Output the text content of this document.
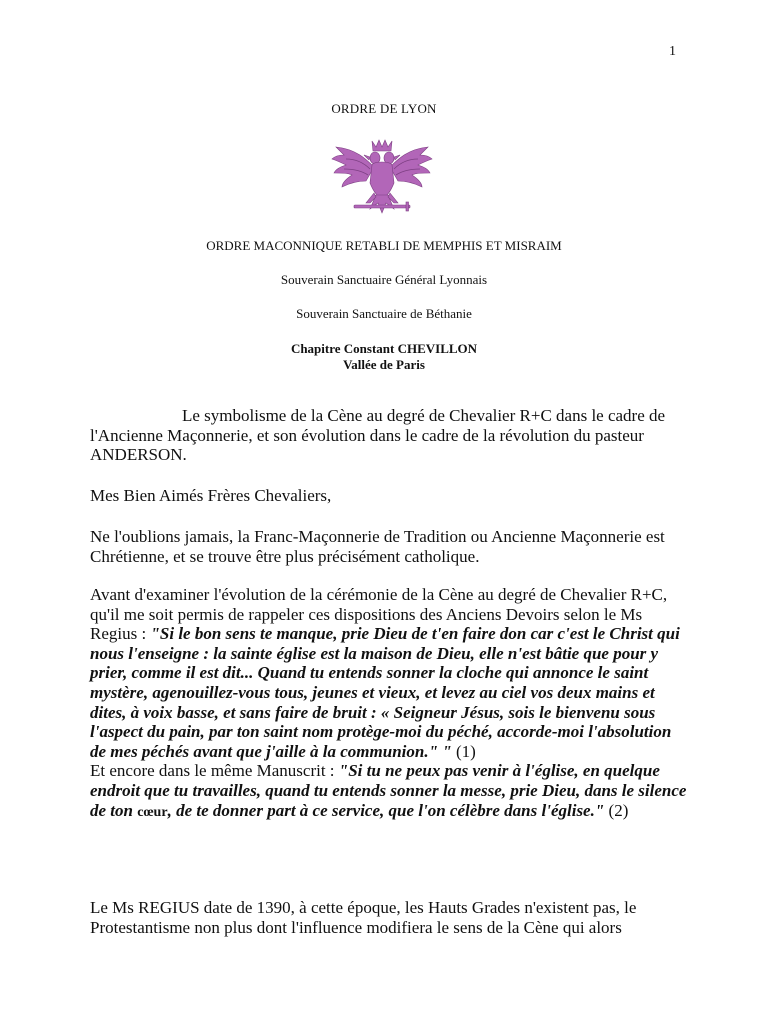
1
ORDRE DE LYON
ORDRE MACONNIQUE RETABLI DE MEMPHIS ET MISRAIM
Souverain Sanctuaire Général Lyonnais
Souverain Sanctuaire de Béthanie
Chapitre Constant CHEVILLON
Vallée de Paris

Le symbolisme de la Cène au degré de Chevalier R+C dans le cadre de l'Ancienne Maçonnerie, et son évolution dans le cadre de la révolution du pasteur ANDERSON.

Mes Bien Aimés Frères Chevaliers,

Ne l'oublions jamais, la Franc-Maçonnerie de Tradition ou Ancienne Maçonnerie est Chrétienne, et se trouve être plus précisément catholique.

Avant d'examiner l'évolution de la cérémonie de la Cène au degré de Chevalier R+C, qu'il me soit permis de rappeler ces dispositions des Anciens Devoirs selon le Ms Regius : "Si le bon sens te manque, prie Dieu de t'en faire don car c'est le Christ qui nous l'enseigne : la sainte église est la maison de Dieu, elle n'est bâtie que pour y prier, comme il est dit... Quand tu entends sonner la cloche qui annonce le saint mystère, agenouillez-vous tous, jeunes et vieux, et levez au ciel vos deux mains et dites, à voix basse, et sans faire de bruit : « Seigneur Jésus, sois le bienvenu sous l'aspect du pain, par ton saint nom protège-moi du péché, accorde-moi l'absolution de mes péchés avant que j'aille à la communion." " (1)
Et encore dans le même Manuscrit : "Si tu ne peux pas venir à l'église, en quelque endroit que tu travailles, quand tu entends sonner la messe, prie Dieu, dans le silence de ton cœur, de te donner part à ce service, que l'on célèbre dans l'église." (2)

Le Ms REGIUS date de 1390, à cette époque, les Hauts Grades n'existent pas, le Protestantisme non plus dont l'influence modifiera le sens de la Cène qui alors
